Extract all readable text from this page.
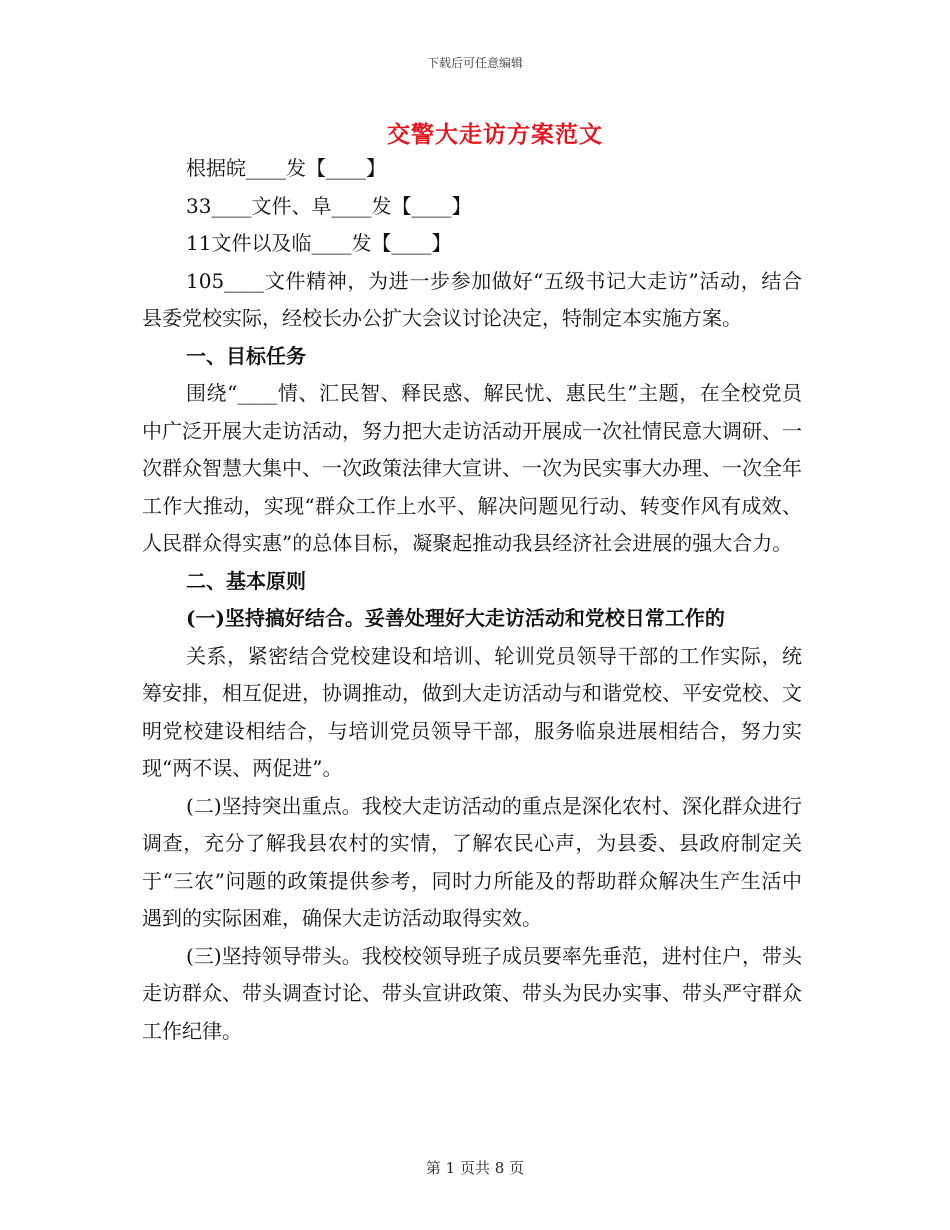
下载后可任意编辑
交警大走访方案范文
根据皖____发【____】
33____文件、阜____发【____】
11文件以及临____发【____】

105____文件精神，为进一步参加做好“五级书记大走访”活动，结合县委党校实际，经校长办公扩大会议讨论决定，特制定本实施方案。

一、目标任务

围绕“____情、汇民智、释民惑、解民忧、惠民生”主题，在全校党员中广泛开展大走访活动，努力把大走访活动开展成一次社情民意大调研、一次群众智慧大集中、一次政策法律大宣讲、一次为民实事大办理、一次全年工作大推动，实现“群众工作上水平、解决问题见行动、转变作风有成效、人民群众得实惠”的总体目标，凝聚起推动我县经济社会进展的强大合力。

二、基本原则
(一)坚持搞好结合。妥善处理好大走访活动和党校日常工作的

关系，紧密结合党校建设和培训、轮训党员领导干部的工作实际，统筹安排，相互促进，协调推动，做到大走访活动与和谐党校、平安党校、文明党校建设相结合，与培训党员领导干部，服务临泉进展相结合，努力实现“两不误、两促进”。

(二)坚持突出重点。我校大走访活动的重点是深化农村、深化群众进行调查，充分了解我县农村的实情，了解农民心声，为县委、县政府制定关于“三农”问题的政策提供参考，同时力所能及的帮助群众解决生产生活中遇到的实际困难，确保大走访活动取得实效。

(三)坚持领导带头。我校校领导班子成员要率先垂范，进村住户，带头走访群众、带头调查讨论、带头宣讲政策、带头为民办实事、带头严守群众工作纪律。

第 1 页共 8 页
